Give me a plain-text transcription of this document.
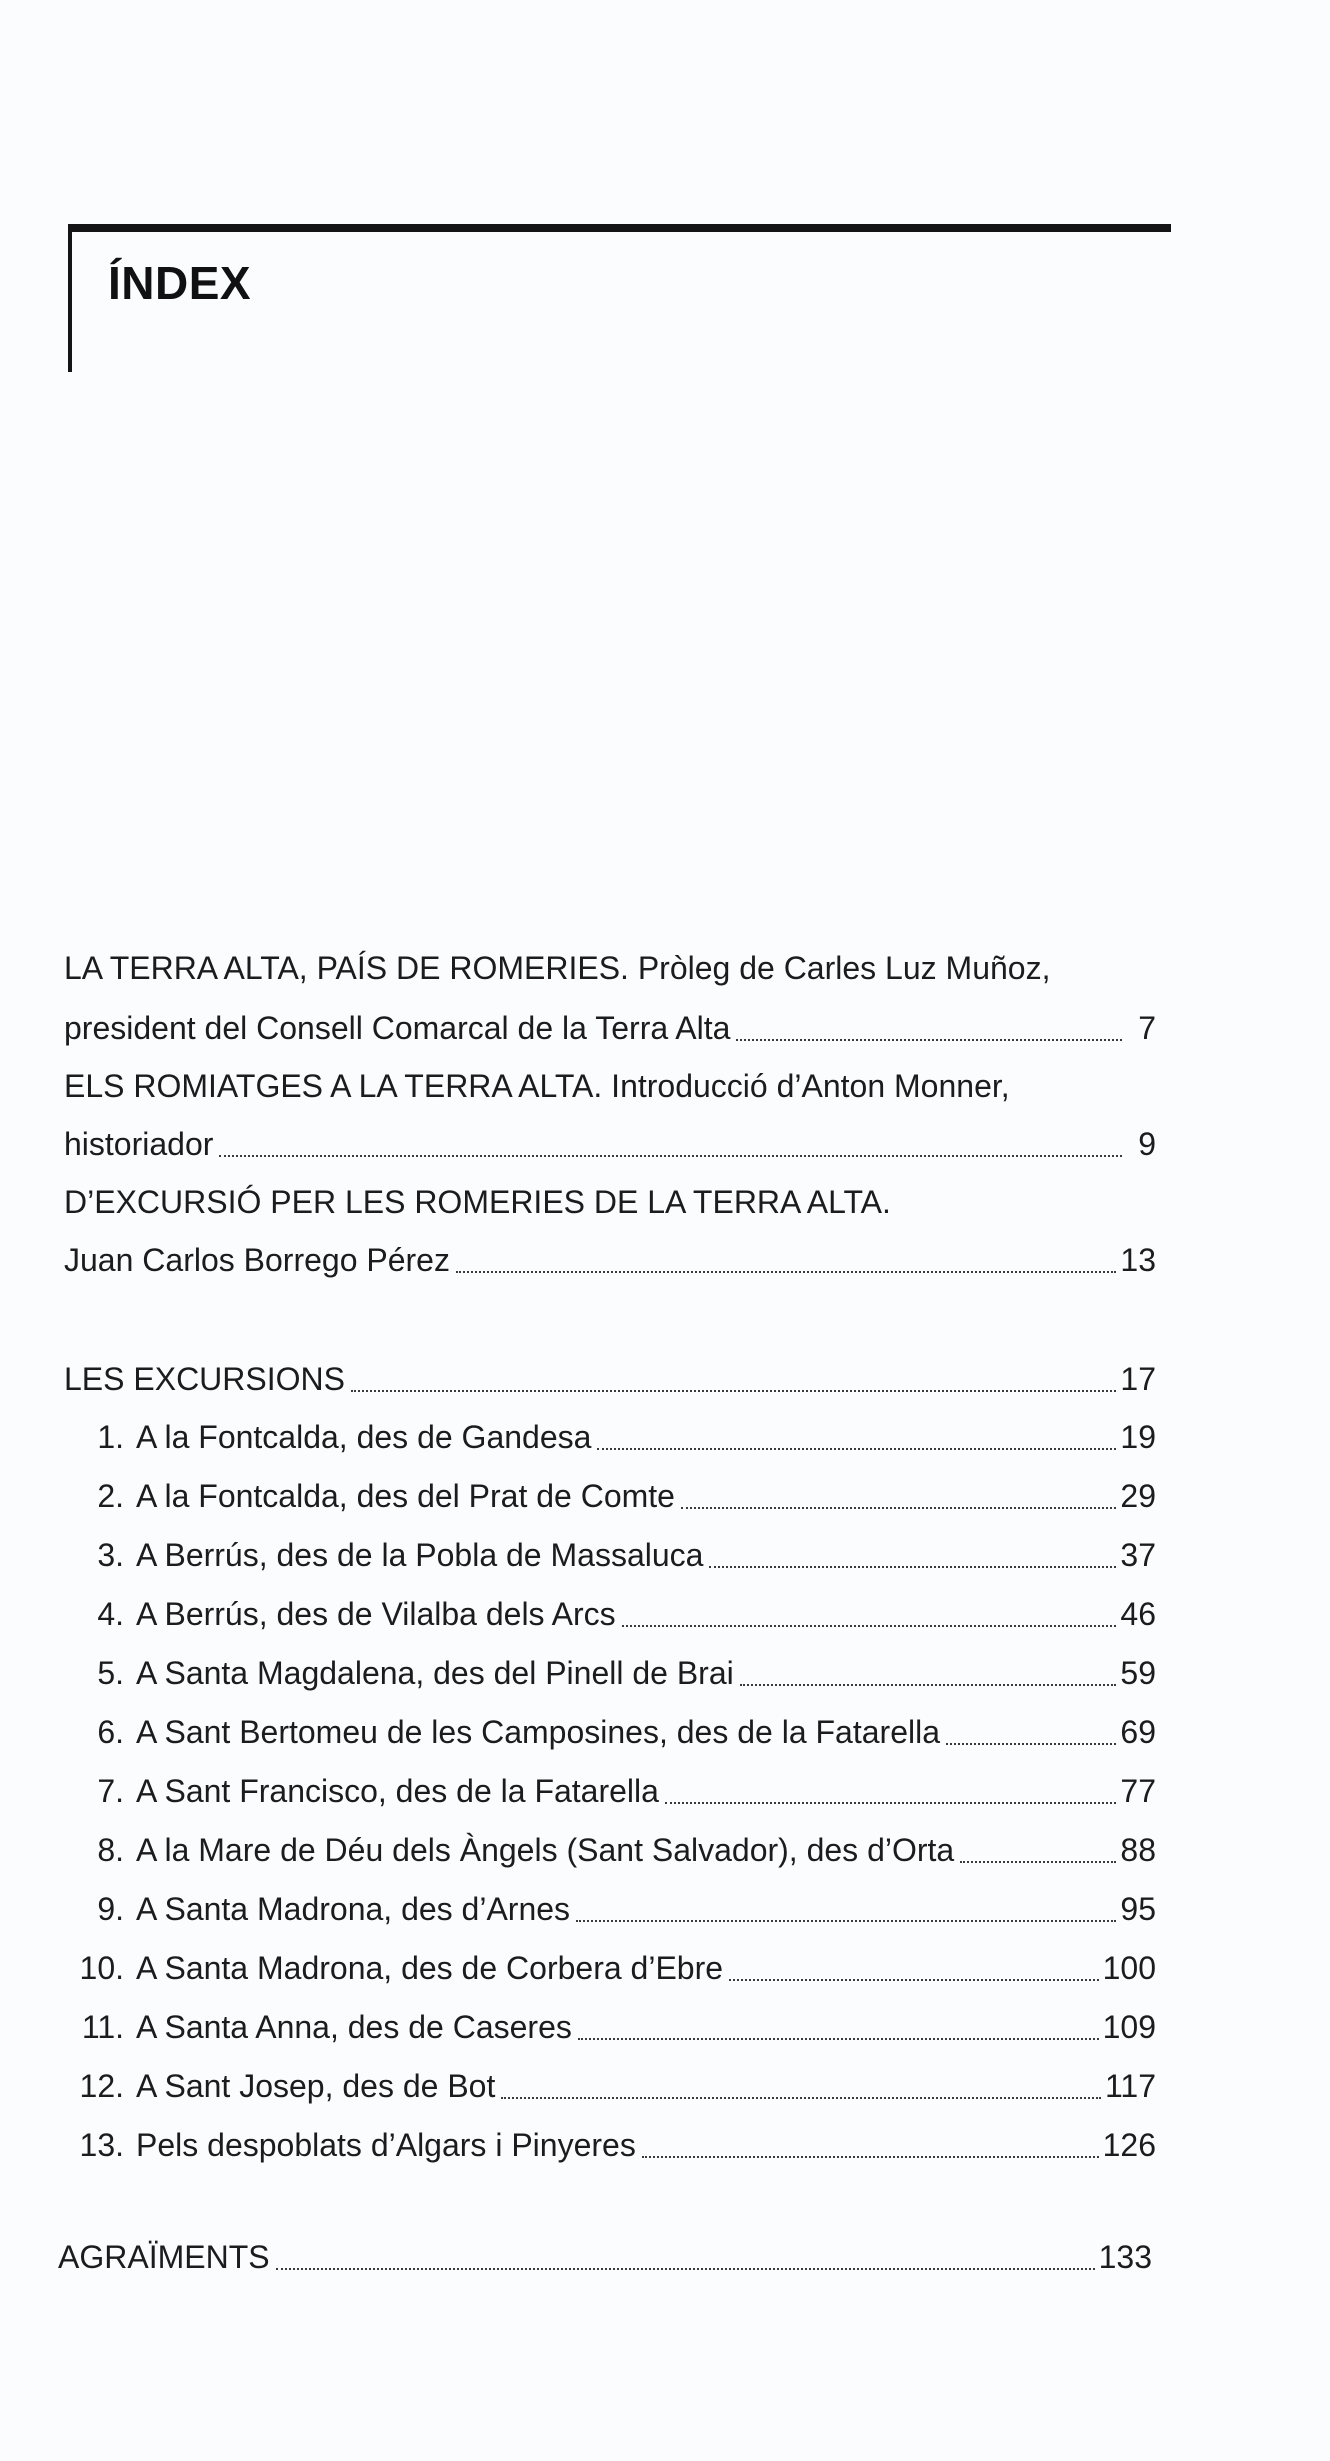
ÍNDEX
LA TERRA ALTA, PAÍS DE ROMERIES. Pròleg de Carles Luz Muñoz,
president del Consell Comarcal de la Terra Alta	7
ELS ROMIATGES A LA TERRA ALTA. Introducció d’Anton Monner,
historiador	9
D’EXCURSIÓ PER LES ROMERIES DE LA TERRA ALTA.
Juan Carlos Borrego Pérez	13
LES EXCURSIONS	17
1. A la Fontcalda, des de Gandesa	19
2. A la Fontcalda, des del Prat de Comte	29
3. A Berrús, des de la Pobla de Massaluca	37
4. A Berrús, des de Vilalba dels Arcs	46
5. A Santa Magdalena, des del Pinell de Brai	59
6. A Sant Bertomeu de les Camposines, des de la Fatarella	69
7. A Sant Francisco, des de la Fatarella	77
8. A la Mare de Déu dels Àngels (Sant Salvador), des d’Orta	88
9. A Santa Madrona, des d’Arnes	95
10. A Santa Madrona, des de Corbera d’Ebre	100
11. A Santa Anna, des de Caseres	109
12. A Sant Josep, des de Bot	117
13. Pels despoblats d’Algars i Pinyeres	126
AGRAÏMENTS	133
